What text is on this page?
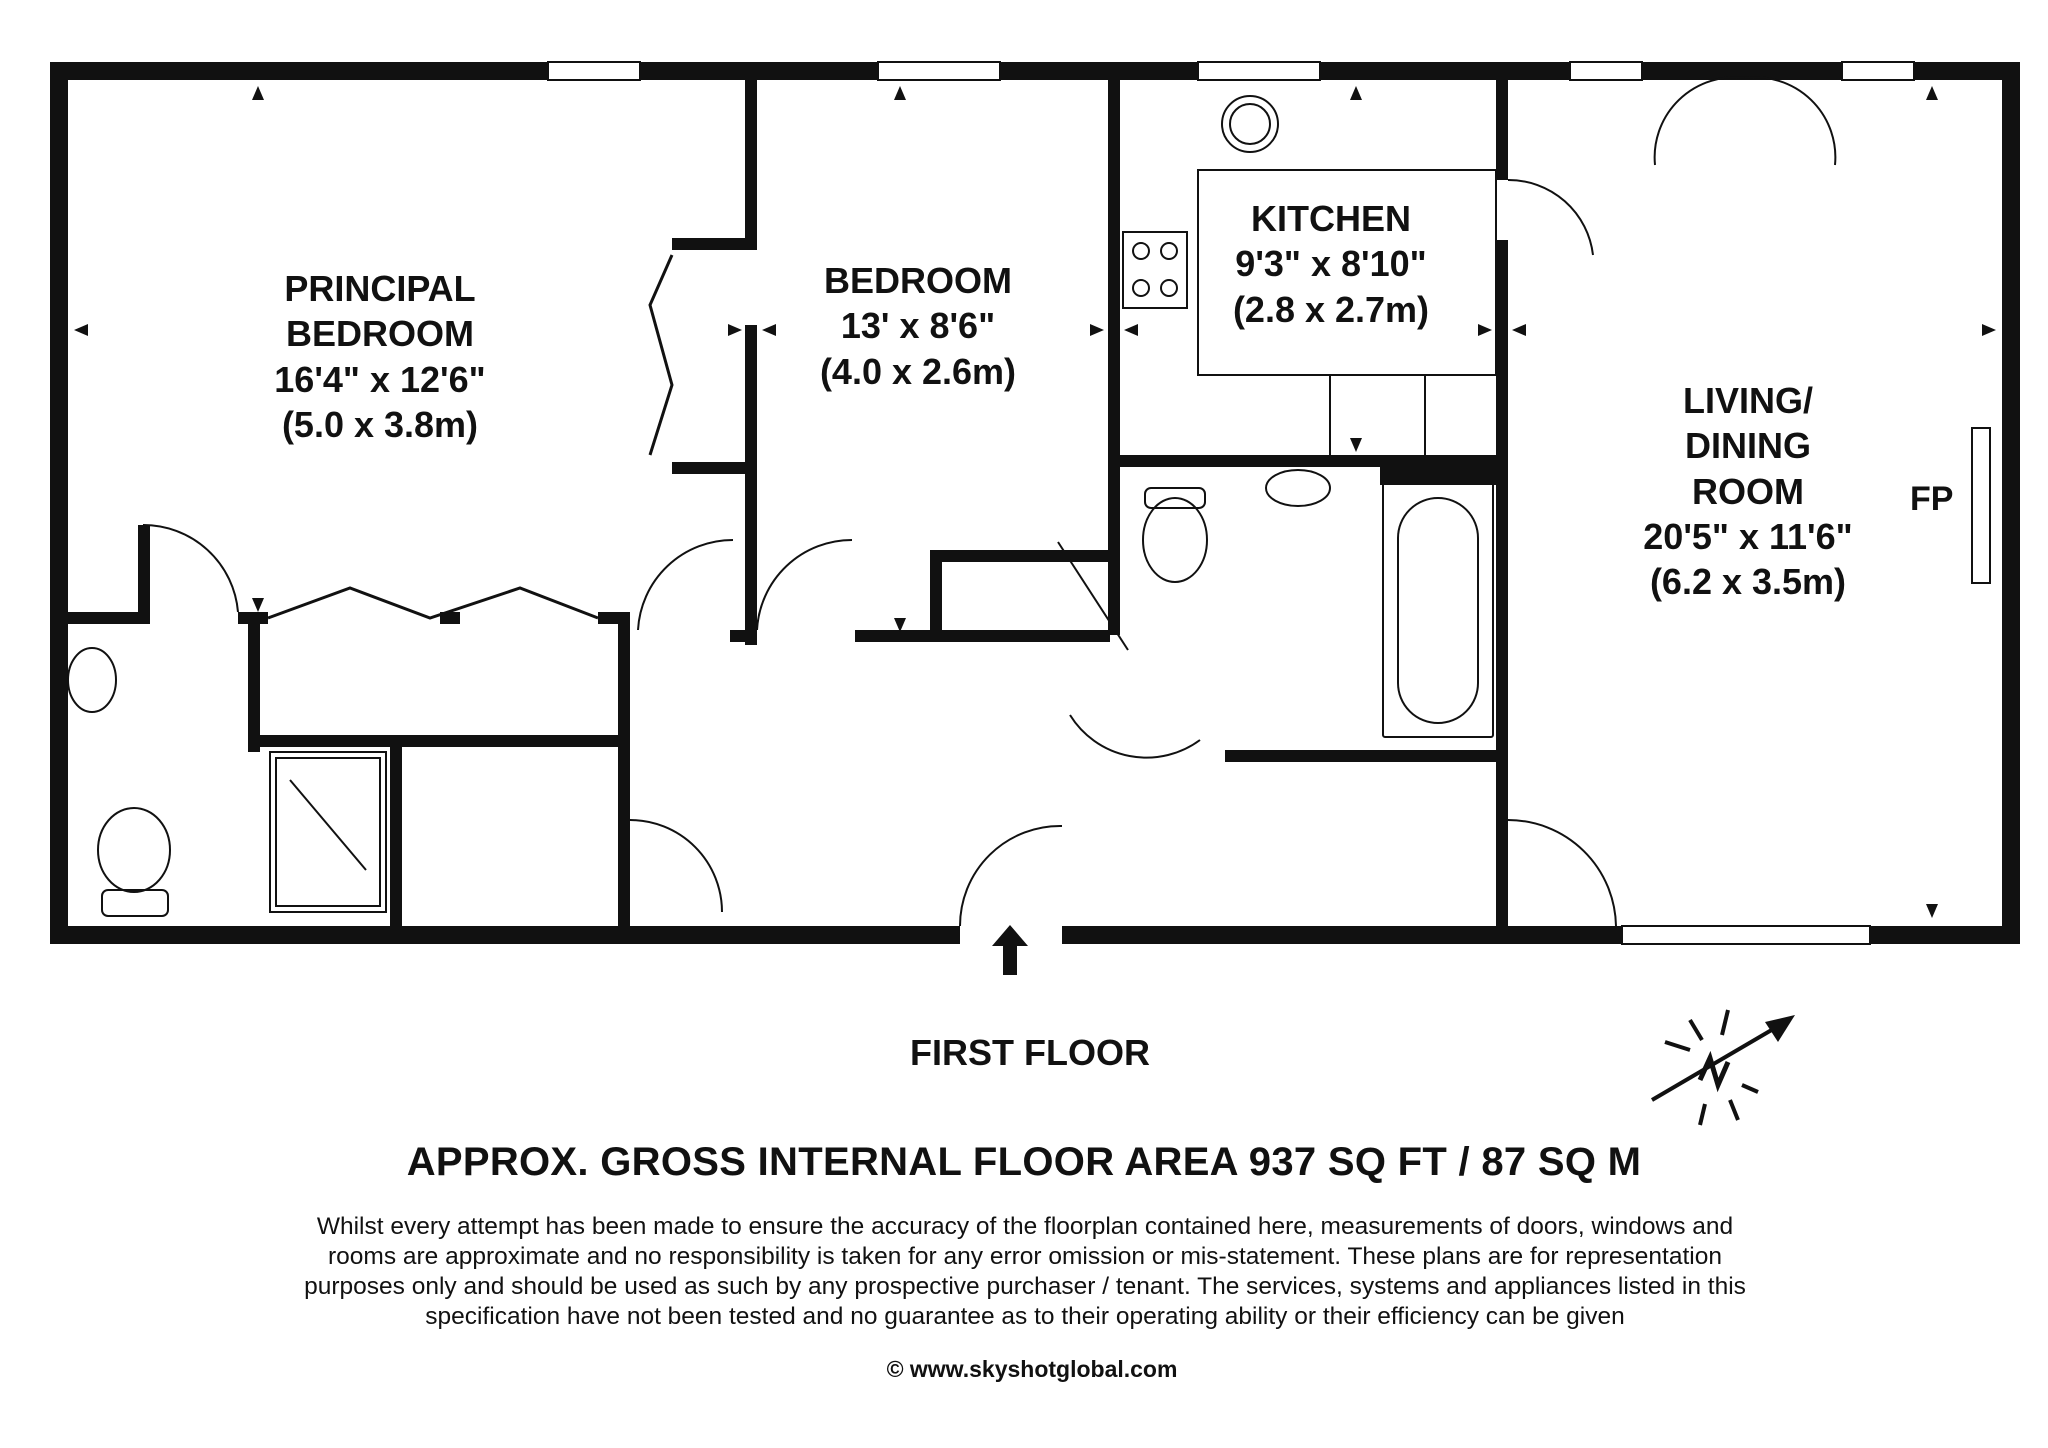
PRINCIPAL
BEDROOM
16'4" x 12'6"
(5.0 x 3.8m)
BEDROOM
13' x 8'6"
(4.0 x 2.6m)
KITCHEN
9'3" x 8'10"
(2.8 x 2.7m)
LIVING/
DINING
ROOM
20'5" x 11'6"
(6.2 x 3.5m)
FP
FIRST FLOOR
APPROX. GROSS INTERNAL FLOOR AREA 937 SQ FT / 87 SQ M
Whilst every attempt has been made to ensure the accuracy of the floorplan contained here, measurements of doors, windows and
rooms are approximate and no responsibility is taken for any error omission or mis-statement. These plans are for representation
purposes only and should be used as such by any prospective purchaser / tenant. The services, systems and appliances listed in this
specification have not been tested and no guarantee as to their operating ability or their efficiency can be given
© www.skyshotglobal.com
